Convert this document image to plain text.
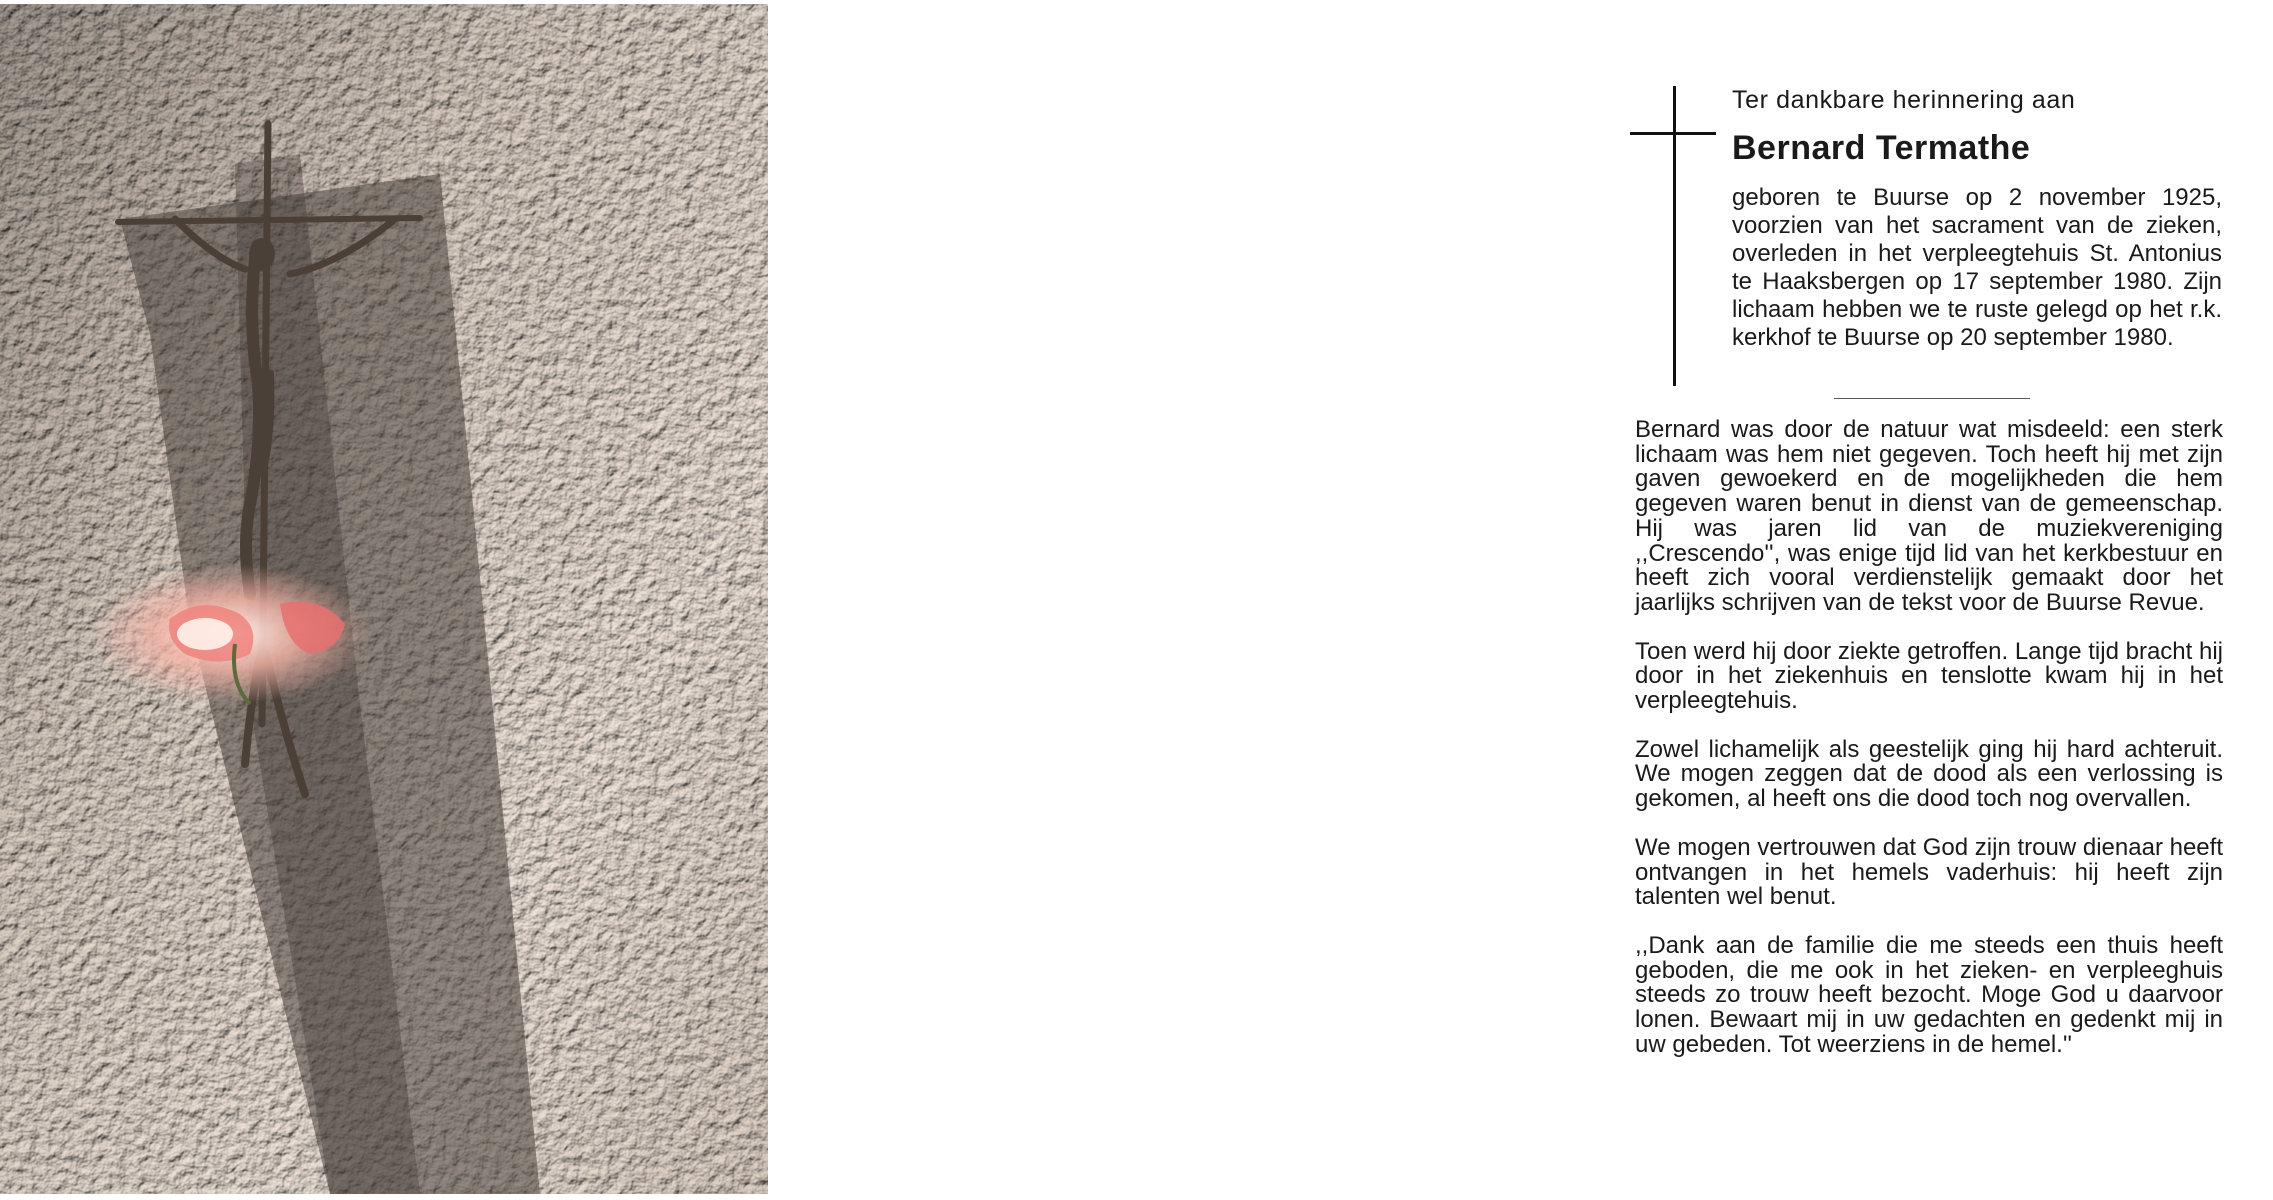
Ter dankbare herinnering aan

Bernard Termathe

geboren te Buurse op 2 november 1925, voorzien van het sacrament van de zieken, overleden in het verpleegtehuis St. Antonius te Haaksbergen op 17 september 1980. Zijn lichaam hebben we te ruste gelegd op het r.k. kerkhof te Buurse op 20 september 1980.

Bernard was door de natuur wat misdeeld: een sterk lichaam was hem niet gegeven. Toch heeft hij met zijn gaven gewoekerd en de mogelijkheden die hem gegeven waren benut in dienst van de gemeenschap. Hij was jaren lid van de muziekvereniging ,,Crescendo'', was enige tijd lid van het kerkbestuur en heeft zich vooral verdienstelijk gemaakt door het jaarlijks schrijven van de tekst voor de Buurse Revue.

Toen werd hij door ziekte getroffen. Lange tijd bracht hij door in het ziekenhuis en tenslotte kwam hij in het verpleegtehuis.

Zowel lichamelijk als geestelijk ging hij hard achteruit. We mogen zeggen dat de dood als een verlossing is gekomen, al heeft ons die dood toch nog overvallen.

We mogen vertrouwen dat God zijn trouw dienaar heeft ontvangen in het hemels vaderhuis: hij heeft zijn talenten wel benut.

,,Dank aan de familie die me steeds een thuis heeft geboden, die me ook in het zieken- en verpleeghuis steeds zo trouw heeft bezocht. Moge God u daarvoor lonen. Bewaart mij in uw gedachten en gedenkt mij in uw gebeden. Tot weerziens in de hemel.''
